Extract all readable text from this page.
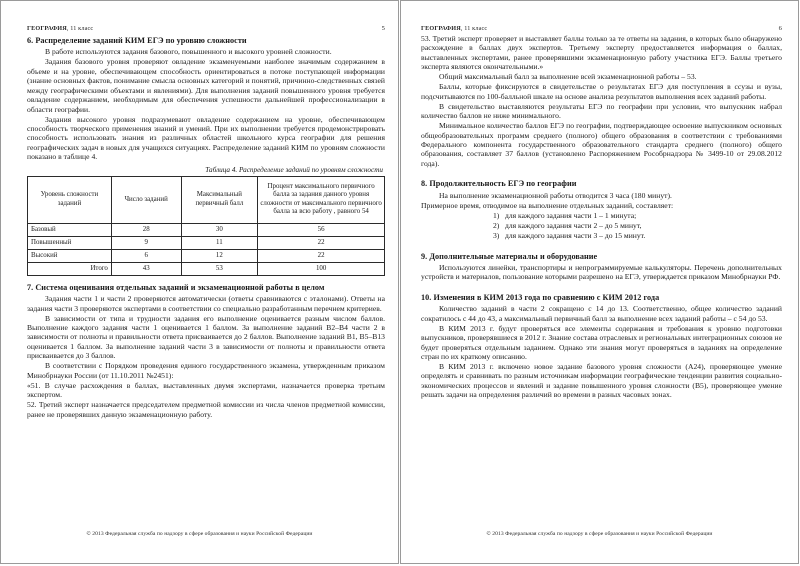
ГЕОГРАФИЯ, 11 класс	5
6. Распределение заданий КИМ ЕГЭ по уровню сложности

В работе используются задания базового, повышенного и высокого уровней сложности.

Задания базового уровня проверяют овладение экзаменуемыми наиболее значимым содержанием в объеме и на уровне, обеспечивающем способность ориентироваться в потоке поступающей информации (знание основных фактов, понимание смысла основных категорий и понятий, причинно-следственных связей между географическими объектами и явлениями). Для выполнения заданий повышенного уровня требуется овладение содержанием, необходимым для обеспечения успешности дальнейшей профессионализации в области географии.

Задания высокого уровня подразумевают овладение содержанием на уровне, обеспечивающем способность творческого применения знаний и умений. При их выполнении требуется продемонстрировать способность использовать знания из различных областей школьного курса географии для решения географических задач в новых для учащихся ситуациях. Распределение заданий КИМ по уровням сложности показано в таблице 4.

Таблица 4. Распределение заданий по уровням сложности
Уровень сложности заданий	Число заданий	Максимальный первичный балл	Процент максимального первичного балла за задания данного уровня сложности от максимального первичного балла за всю работу , равного 54
Базовый	28	30	56
Повышенный	9	11	22
Высокий	6	12	22
Итого	43	53	100
7. Система оценивания отдельных заданий и экзаменационной работы в целом

Задания части 1 и части 2 проверяются автоматически (ответы сравниваются с эталонами). Ответы на задания части 3 проверяются экспертами в соответствии со специально разработанным перечнем критериев.

В зависимости от типа и трудности задания его выполнение оценивается разным числом баллов. Выполнение каждого задания части 1 оценивается 1 баллом. За выполнение заданий В2–В4 части 2 в зависимости от полноты и правильности ответа присваивается до 2 баллов. Выполнение заданий В1, В5–В13 оценивается 1 баллом. За выполнение заданий части 3 в зависимости от полноты и правильности ответа присваивается до 3 баллов.

В соответствии с Порядком проведения единого государственного экзамена, утвержденным приказом Минобрнауки России (от 11.10.2011 №2451):

«51. В случае расхождения в баллах, выставленных двумя экспертами, назначается проверка третьим экспертом.

52. Третий эксперт назначается председателем предметной комиссии из числа членов предметной комиссии, ранее не проверявших данную экзаменационную работу.

© 2013 Федеральная служба по надзору в сфере образования и науки Российской Федерации
ГЕОГРАФИЯ, 11 класс	6

53. Третий эксперт проверяет и выставляет баллы только за те ответы на задания, в которых было обнаружено расхождение в баллах двух экспертов. Третьему эксперту предоставляется информация о баллах, выставленных экспертами, ранее проверявшими экзаменационную работу участника ЕГЭ. Баллы третьего эксперта являются окончательными.»

Общий максимальный балл за выполнение всей экзаменационной работы – 53.

Баллы, которые фиксируются в свидетельстве о результатах ЕГЭ для поступления в ссузы и вузы, подсчитываются по 100-балльной шкале на основе анализа результатов выполнения всех заданий работы.

В свидетельство выставляются результаты ЕГЭ по географии при условии, что выпускник набрал количество баллов не ниже минимального.

Минимальное количество баллов ЕГЭ по географии, подтверждающее освоение выпускником основных общеобразовательных программ среднего (полного) общего образования в соответствии с требованиями Федерального компонента государственного образовательного стандарта среднего (полного) общего образования, составляет 37 баллов (установлено Распоряжением Рособрнадзора № 3499-10 от 29.08.2012 года).

8. Продолжительность ЕГЭ по географии

На выполнение экзаменационной работы отводится 3 часа (180 минут).

Примерное время, отводимое на выполнение отдельных заданий, составляет:

1) для каждого задания части 1 – 1 минута;
2) для каждого задания части 2 – до 5 минут,
3) для каждого задания части 3 – до 15 минут.
9. Дополнительные материалы и оборудование

Используются линейки, транспортиры и непрограммируемые калькуляторы. Перечень дополнительных устройств и материалов, пользование которыми разрешено на ЕГЭ, утверждается приказом Минобрнауки РФ.

10. Изменения в КИМ 2013 года по сравнению с КИМ 2012 года

Количество заданий в части 2 сокращено с 14 до 13. Соответственно, общее количество заданий сократилось с 44 до 43, а максимальный первичный балл за выполнение всех заданий работы – с 54 до 53.

В КИМ 2013 г. будут проверяться все элементы содержания и требования к уровню подготовки выпускников, проверявшиеся в 2012 г. Знание состава отраслевых и региональных интеграционных союзов не будет проверяться отдельным заданием. Однако эти знания могут проверяться в заданиях на определение стран по их краткому описанию.

В КИМ 2013 г. включено новое задание базового уровня сложности (А24), проверяющее умение определять и сравнивать по разным источникам информации географические тенденции развития социально-экономических процессов и явлений и задание повышенного уровня сложности (В5), проверяющее умение решать задачи на определения различий во времени в разных часовых зонах.

© 2013 Федеральная служба по надзору в сфере образования и науки Российской Федерации
